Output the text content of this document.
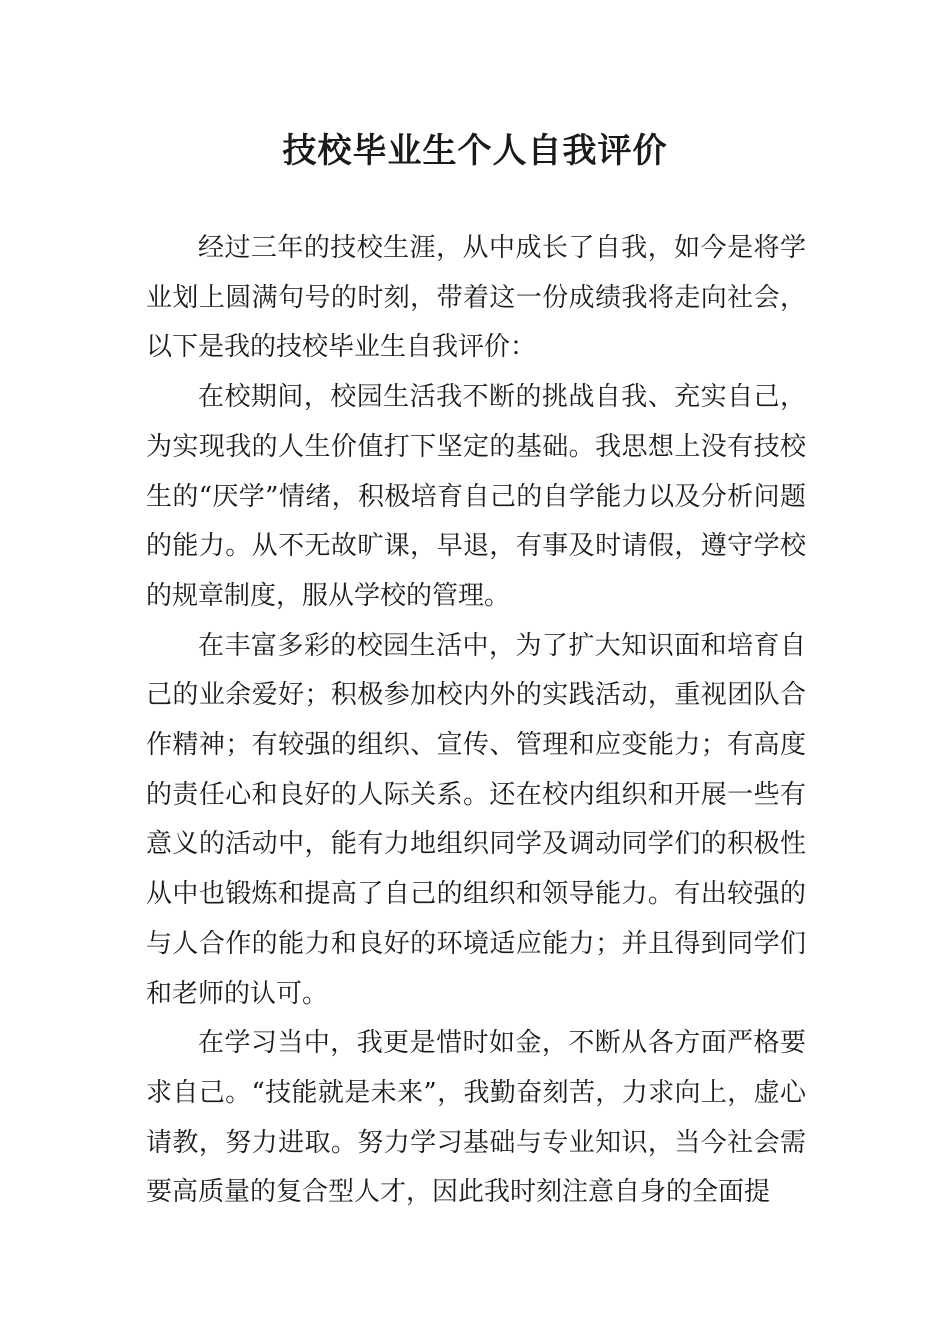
技校毕业生个人自我评价

经过三年的技校生涯，从中成长了自我，如今是将学业划上圆满句号的时刻，带着这一份成绩我将走向社会，以下是我的技校毕业生自我评价：

在校期间，校园生活我不断的挑战自我、充实自己，为实现我的人生价值打下坚定的基础。我思想上没有技校生的“厌学”情绪，积极培育自己的自学能力以及分析问题的能力。从不无故旷课，早退，有事及时请假，遵守学校的规章制度，服从学校的管理。

在丰富多彩的校园生活中，为了扩大知识面和培育自己的业余爱好；积极参加校内外的实践活动，重视团队合作精神；有较强的组织、宣传、管理和应变能力；有高度的责任心和良好的人际关系。还在校内组织和开展一些有意义的活动中，能有力地组织同学及调动同学们的积极性从中也锻炼和提高了自己的组织和领导能力。有出较强的与人合作的能力和良好的环境适应能力；并且得到同学们和老师的认可。

在学习当中，我更是惜时如金，不断从各方面严格要求自己。“技能就是未来”，我勤奋刻苦，力求向上，虚心请教，努力进取。努力学习基础与专业知识，当今社会需要高质量的复合型人才，因此我时刻注意自身的全面提
